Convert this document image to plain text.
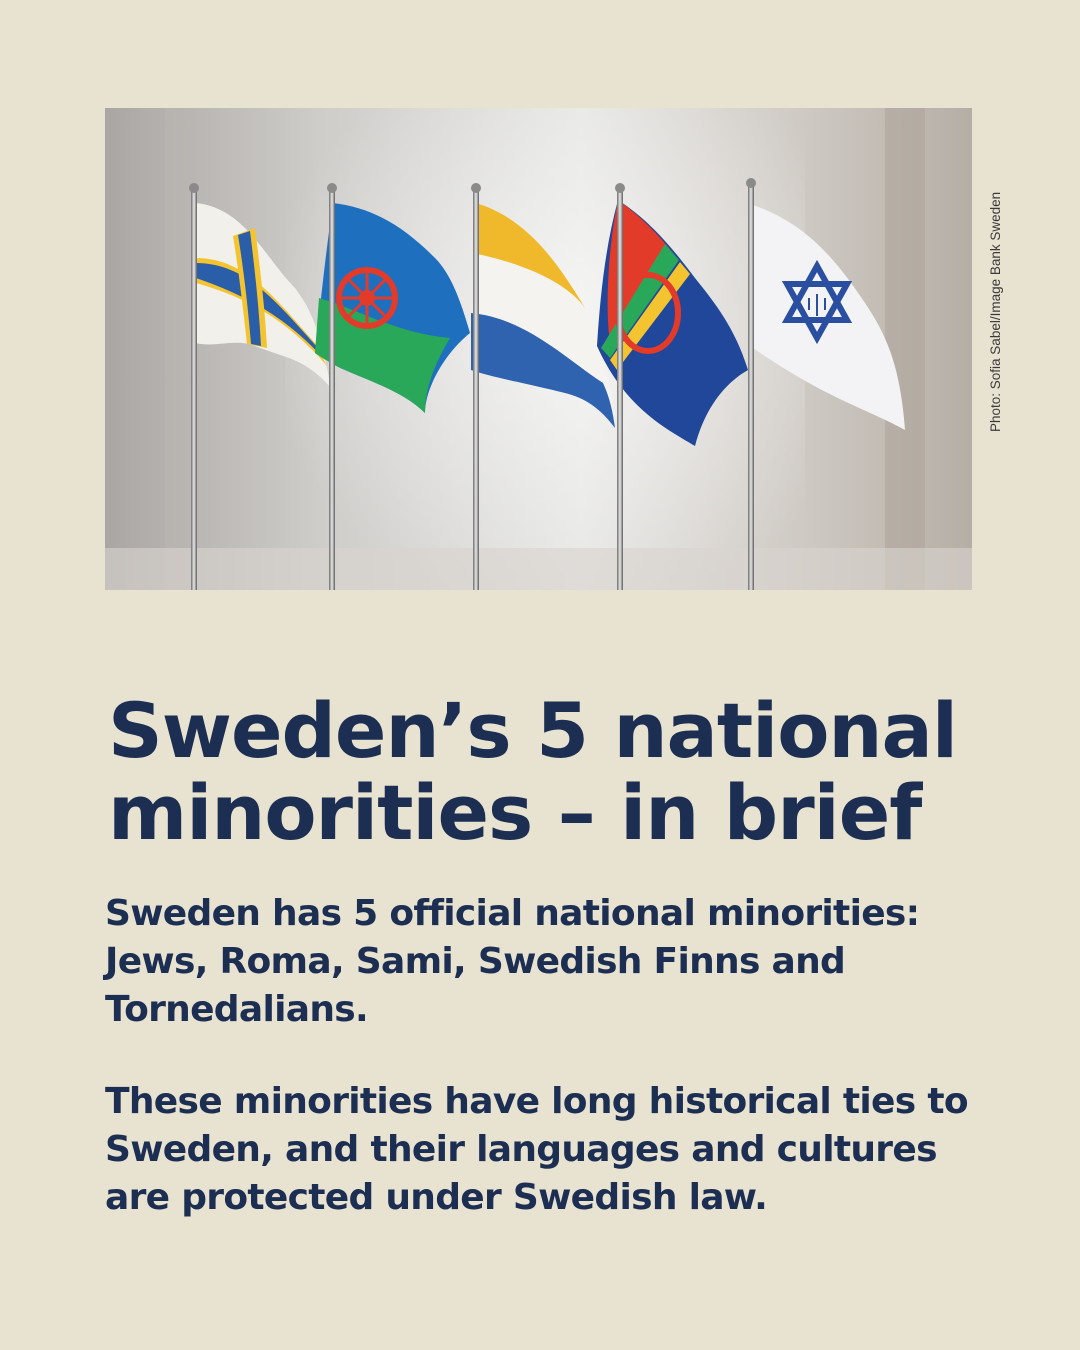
Photo: Sofia Sabel/Image Bank Sweden
Sweden’s 5 national minorities – in brief

Sweden has 5 official national minorities: Jews, Roma, Sami, Swedish Finns and Tornedalians.

These minorities have long historical ties to Sweden, and their languages and cultures are protected under Swedish law.
